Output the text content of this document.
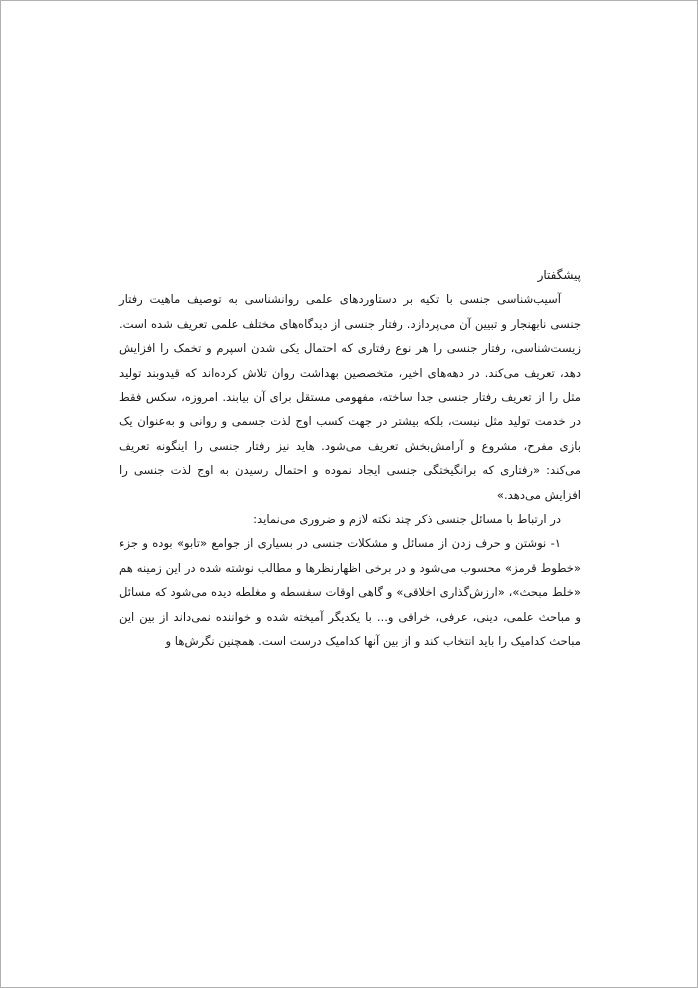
پیشگفتار

آسیب‌شناسی جنسی با تکیه بر دستاوردهای علمی روانشناسی به توصیف ماهیت رفتار جنسی نابهنجار و تبیین آن می‌پردازد. رفتار جنسی از دیدگاه‌های مختلف علمی تعریف شده است. زیست‌شناسی، رفتار جنسی را هر نوع رفتاری که احتمال یکی شدن اسپرم و تخمک را افزایش دهد، تعریف می‌کند. در دهه‌های اخیر، متخصصین بهداشت روان تلاش کرده‌اند که قیدوبند تولید مثل را از تعریف رفتار جنسی جدا ساخته، مفهومی مستقل برای آن بیابند. امروزه، سکس فقط در خدمت تولید مثل نیست، بلکه بیشتر در جهت کسب اوج لذت جسمی و روانی و به‌عنوان یک بازی مفرح، مشروع و آرامش‌بخش تعریف می‌شود. هاید نیز رفتار جنسی را اینگونه تعریف می‌کند: «رفتاری که برانگیختگی جنسی ایجاد نموده و احتمال رسیدن به اوج لذت جنسی را افزایش می‌دهد.»

در ارتباط با مسائل جنسی ذکر چند نکته لازم و ضروری می‌نماید:

۱- نوشتن و حرف زدن از مسائل و مشکلات جنسی در بسیاری از جوامع «تابو» بوده و جزء «خطوط قرمز» محسوب می‌شود و در برخی اظهارنظرها و مطالب نوشته شده در این زمینه هم «خلط مبحث»، «ارزش‌گذاری اخلاقی» و گاهی اوقات سفسطه و مغلطه دیده می‌شود که مسائل و مباحث علمی، دینی، عرفی، خرافی و... با یکدیگر آمیخته شده و خواننده نمی‌داند از بین این مباحث کدامیک را باید انتخاب کند و از بین آنها کدامیک درست است. همچنین نگرش‌ها و
